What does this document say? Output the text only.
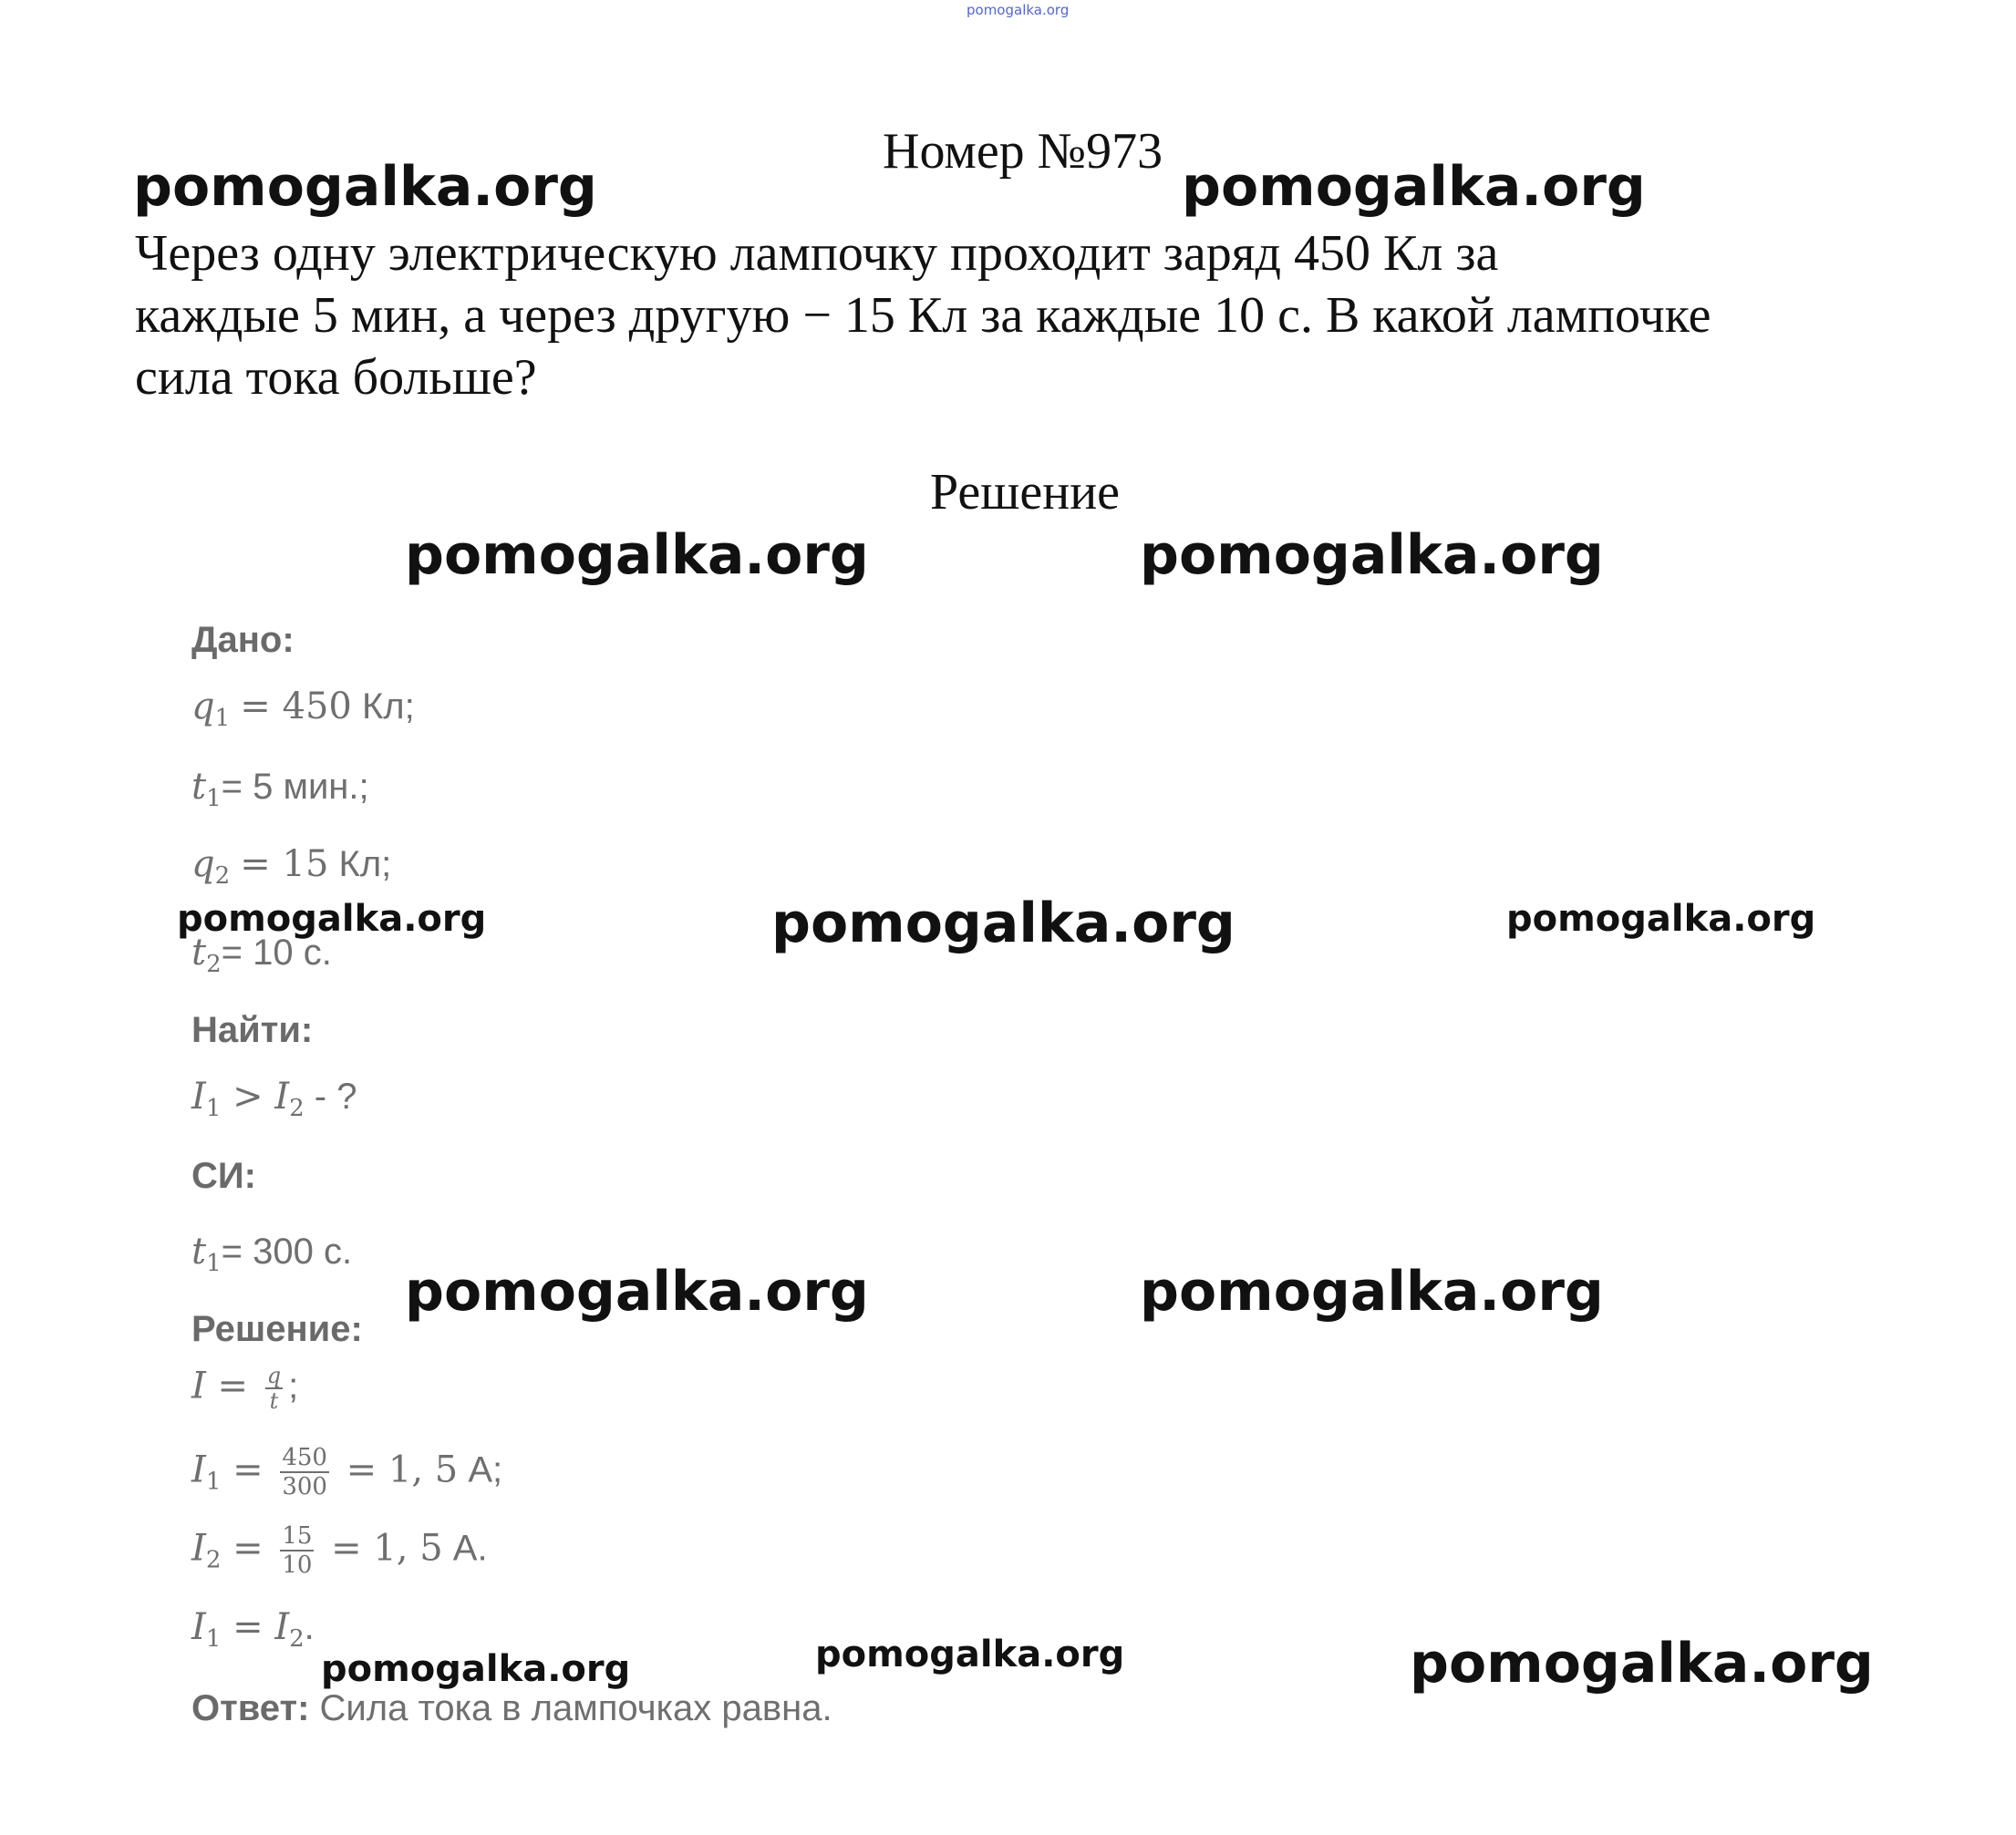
pomogalka.org
Номер №973
Через одну электрическую лампочку проходит заряд 450 Кл за
каждые 5 мин, а через другую − 15 Кл за каждые 10 с. В какой лампочке
сила тока больше?
Решение
Дано:
$q_1 = 450$ Кл;
$t_1= 5$ мин.;
$q_2 = 15$ Кл;
$t_2= 10$ с.
Найти:
$I_1 > I_2$ - ?
СИ:
$t_1= 300$ с.
Решение:
$I = \frac{q}{t}$ ;
$I_1 = \frac{450}{300} = 1$, 5 А;
$I_2 = \frac{15}{10} = 1$, 5 А.
$I_1 = I_2$.
Ответ: Сила тока в лампочках равна.
pomogalka.org	pomogalka.org
pomogalka.org	pomogalka.org
pomogalka.org	pomogalka.org	pomogalka.org
pomogalka.org	pomogalka.org
pomogalka.org	pomogalka.org	pomogalka.org
